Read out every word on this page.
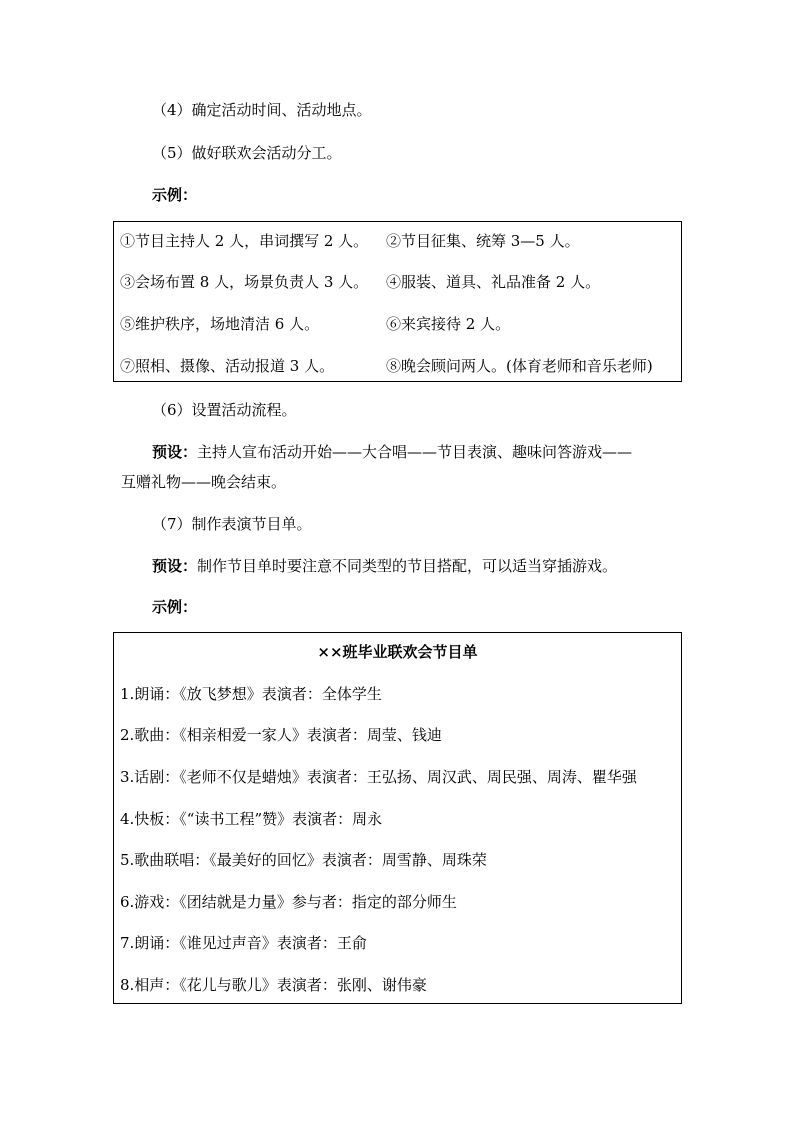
（4）确定活动时间、活动地点。
（5）做好联欢会活动分工。
示例：
①节目主持人 2 人，串词撰写 2 人。 ②节目征集、统筹 3—5 人。
③会场布置 8 人，场景负责人 3 人。 ④服装、道具、礼品准备 2 人。
⑤维护秩序，场地清洁 6 人。	⑥来宾接待 2 人。
⑦照相、摄像、活动报道 3 人。	⑧晚会顾问两人。(体育老师和音乐老师)
（6）设置活动流程。
预设：主持人宣布活动开始——大合唱——节目表演、趣味问答游戏——
互赠礼物——晚会结束。
（7）制作表演节目单。
预设：制作节目单时要注意不同类型的节目搭配，可以适当穿插游戏。
示例：
××班毕业联欢会节目单
1.朗诵：《放飞梦想》表演者：全体学生
2.歌曲：《相亲相爱一家人》表演者：周莹、钱迪
3.话剧：《老师不仅是蜡烛》表演者：王弘扬、周汉武、周民强、周涛、瞿华强
4.快板：《“读书工程”赞》表演者：周永
5.歌曲联唱：《最美好的回忆》表演者：周雪静、周珠荣
6.游戏：《团结就是力量》参与者：指定的部分师生
7.朗诵：《谁见过声音》表演者：王俞
8.相声：《花儿与歌儿》表演者：张刚、谢伟豪
